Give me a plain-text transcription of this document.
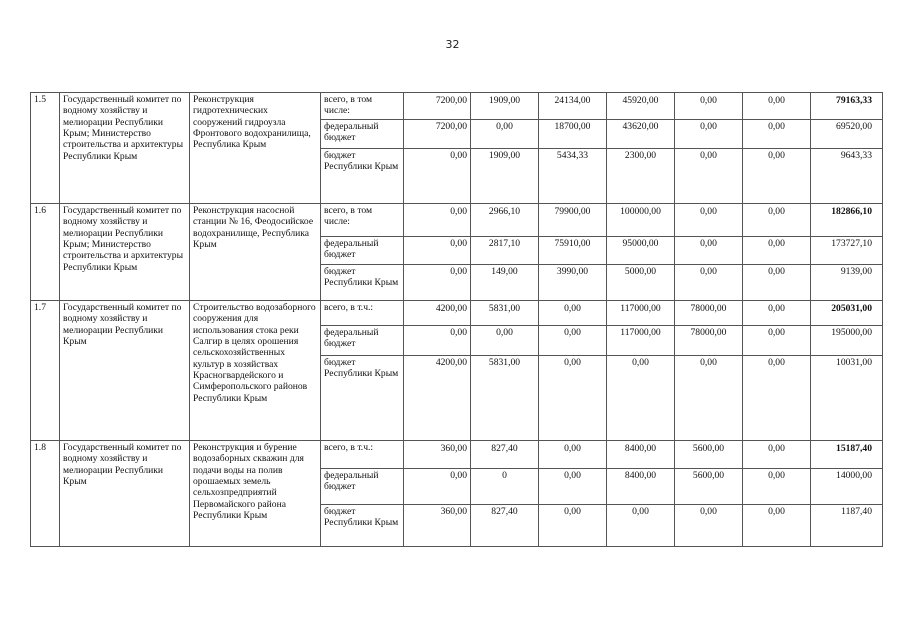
32
1.5	Государственный комитет по водному хозяйству и мелиорации Республики Крым; Министерство строительства и архитектуры Республики Крым	Реконструкция гидротехнических сооружений гидроузла Фронтового водохранилища, Республика Крым	всего, в том числе:	7200,00	1909,00	24134,00	45920,00	0,00	0,00	79163,33
			федеральный бюджет	7200,00	0,00	18700,00	43620,00	0,00	0,00	69520,00
			бюджет Республики Крым	0,00	1909,00	5434,33	2300,00	0,00	0,00	9643,33
1.6	Государственный комитет по водному хозяйству и мелиорации Республики Крым; Министерство строительства и архитектуры Республики Крым	Реконструкция насосной станции № 16, Феодосийское водохранилище, Республика Крым	всего, в том числе:	0,00	2966,10	79900,00	100000,00	0,00	0,00	182866,10
			федеральный бюджет	0,00	2817,10	75910,00	95000,00	0,00	0,00	173727,10
			бюджет Республики Крым	0,00	149,00	3990,00	5000,00	0,00	0,00	9139,00
1.7	Государственный комитет по водному хозяйству и мелиорации Республики Крым	Строительство водозаборного сооружения для использования стока реки Салгир в целях орошения сельскохозяйственных культур в хозяйствах Красногвардейского и Симферопольского районов Республики Крым	всего, в т.ч.:	4200,00	5831,00	0,00	117000,00	78000,00	0,00	205031,00
			федеральный бюджет	0,00	0,00	0,00	117000,00	78000,00	0,00	195000,00
			бюджет Республики Крым	4200,00	5831,00	0,00	0,00	0,00	0,00	10031,00
1.8	Государственный комитет по водному хозяйству и мелиорации Республики Крым	Реконструкция и бурение водозаборных скважин для подачи воды на полив орошаемых земель сельхозпредприятий Первомайского района Республики Крым	всего, в т.ч.:	360,00	827,40	0,00	8400,00	5600,00	0,00	15187,40
			федеральный бюджет	0,00	0	0,00	8400,00	5600,00	0,00	14000,00
			бюджет Республики Крым	360,00	827,40	0,00	0,00	0,00	0,00	1187,40
